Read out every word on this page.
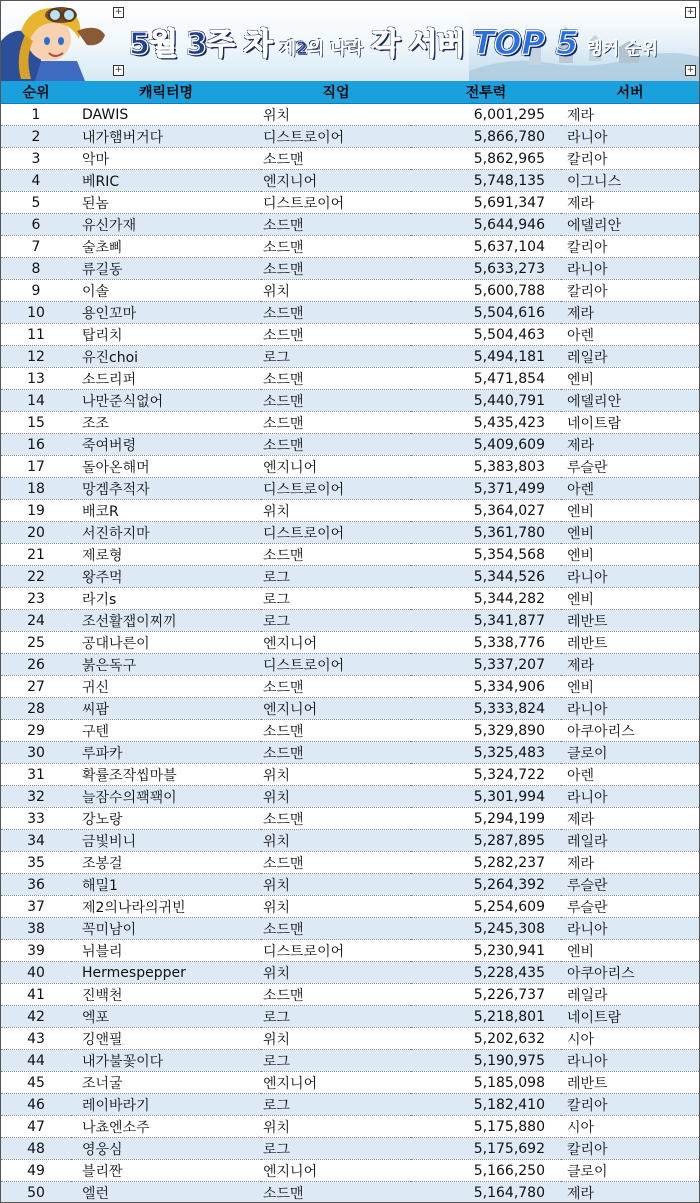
5월 3주 차 제2의 나라 각 서버 TOP 5 랭커 순위
+
+
+
+
순위	캐릭터명	직업	전투력	서버
1	DAWIS	위치	6,001,295	제라
2	내가햄버거다	디스트로이어	5,866,780	라니아
3	악마	소드맨	5,862,965	칼리아
4	베RIC	엔지니어	5,748,135	이그니스
5	된놈	디스트로이어	5,691,347	제라
6	유신가재	소드맨	5,644,946	에델리안
7	술초삐	소드맨	5,637,104	칼리아
8	류길동	소드맨	5,633,273	라니아
9	이솔	위치	5,600,788	칼리아
10	용인꼬마	소드맨	5,504,616	제라
11	탑리치	소드맨	5,504,463	아렌
12	유진choi	로그	5,494,181	레일라
13	소드리퍼	소드맨	5,471,854	엔비
14	나만준식없어	소드맨	5,440,791	에델리안
15	조조	소드맨	5,435,423	네이트람
16	죽여버령	소드맨	5,409,609	제라
17	돌아온해머	엔지니어	5,383,803	루슬란
18	망겜추적자	디스트로이어	5,371,499	아렌
19	배코R	위치	5,364,027	엔비
20	서진하지마	디스트로이어	5,361,780	엔비
21	제로형	소드맨	5,354,568	엔비
22	왕주먹	로그	5,344,526	라니아
23	라기s	로그	5,344,282	엔비
24	조선활잽이찌끼	로그	5,341,877	레반트
25	공대나른이	엔지니어	5,338,776	레반트
26	붉은독구	디스트로이어	5,337,207	제라
27	귀신	소드맨	5,334,906	엔비
28	씨팜	엔지니어	5,333,824	라니아
29	구텐	소드맨	5,329,890	아쿠아리스
30	루파카	소드맨	5,325,483	클로이
31	확률조작씹마블	위치	5,324,722	아렌
32	늘잠수의꽥꽥이	위치	5,301,994	라니아
33	강노랑	소드맨	5,294,199	제라
34	금빛비니	위치	5,287,895	레일라
35	조봉걸	소드맨	5,282,237	제라
36	해밀1	위치	5,264,392	루슬란
37	제2의나라의귀빈	위치	5,254,609	루슬란
38	꼭미남이	소드맨	5,245,308	라니아
39	뉘블리	디스트로이어	5,230,941	엔비
40	Hermespepper	위치	5,228,435	아쿠아리스
41	진백천	소드맨	5,226,737	레일라
42	엑포	로그	5,218,801	네이트람
43	깅앤필	위치	5,202,632	시아
44	내가불꽃이다	로그	5,190,975	라니아
45	조너굴	엔지니어	5,185,098	레반트
46	레이바라기	로그	5,182,410	칼리아
47	나쵸엔소주	위치	5,175,880	시아
48	영웅심	로그	5,175,692	칼리아
49	블리짠	엔지니어	5,166,250	클로이
50	엘런	소드맨	5,164,780	제라
